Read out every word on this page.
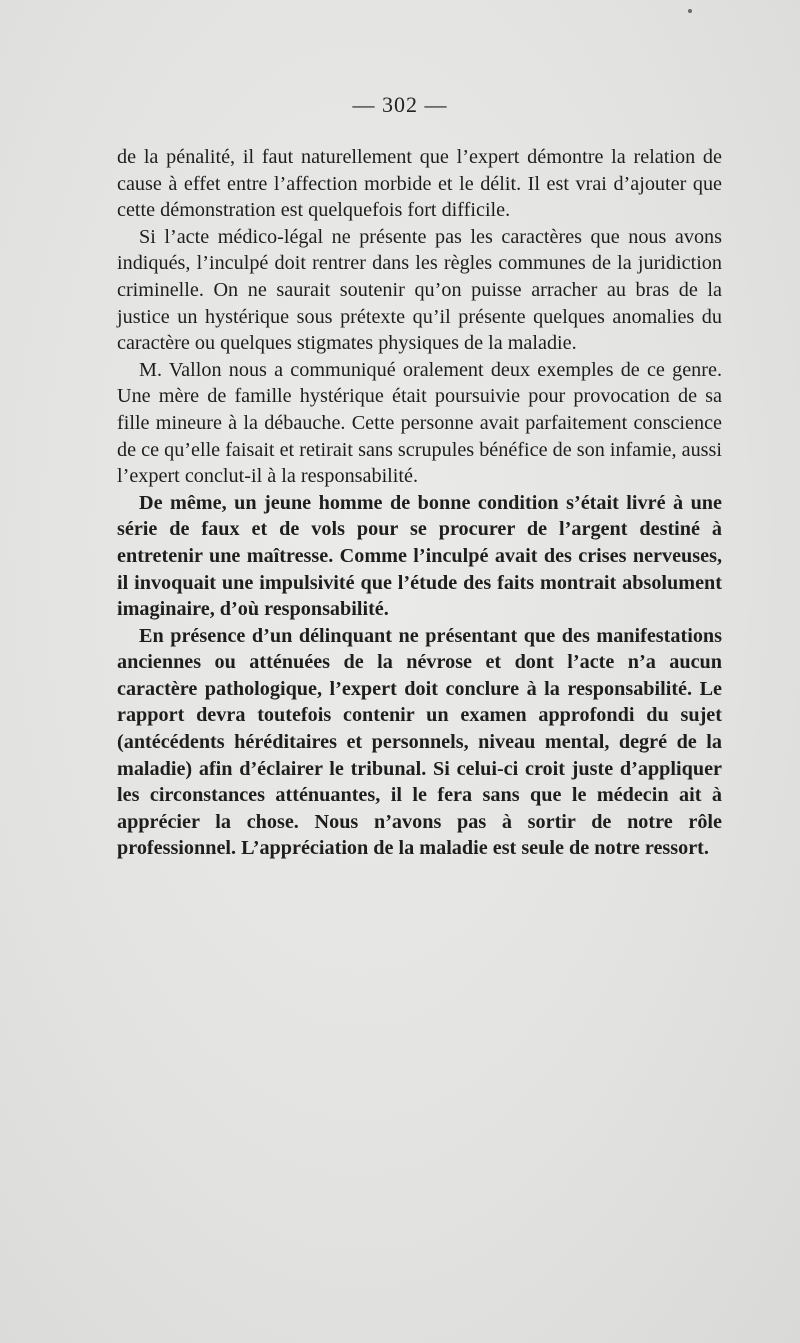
— 302 —

de la pénalité, il faut naturellement que l’expert démontre la relation de cause à effet entre l’affection morbide et le délit. Il est vrai d’ajouter que cette démonstration est quelquefois fort difficile.

Si l’acte médico-légal ne présente pas les caractères que nous avons indiqués, l’inculpé doit rentrer dans les règles communes de la juridiction criminelle. On ne saurait soutenir qu’on puisse arracher au bras de la justice un hystérique sous prétexte qu’il présente quelques anomalies du caractère ou quelques stigmates physiques de la maladie.

M. Vallon nous a communiqué oralement deux exemples de ce genre. Une mère de famille hystérique était poursuivie pour provocation de sa fille mineure à la débauche. Cette personne avait parfaitement conscience de ce qu’elle faisait et retirait sans scrupules bénéfice de son infamie, aussi l’expert conclut-il à la responsabilité.

De même, un jeune homme de bonne condition s’était livré à une série de faux et de vols pour se procurer de l’argent destiné à entretenir une maîtresse. Comme l’inculpé avait des crises nerveuses, il invoquait une impulsivité que l’étude des faits montrait absolument imaginaire, d’où responsabilité.

En présence d’un délinquant ne présentant que des manifestations anciennes ou atténuées de la névrose et dont l’acte n’a aucun caractère pathologique, l’expert doit conclure à la responsabilité. Le rapport devra toutefois contenir un examen approfondi du sujet (antécédents héréditaires et personnels, niveau mental, degré de la maladie) afin d’éclairer le tribunal. Si celui-ci croit juste d’appliquer les circonstances atténuantes, il le fera sans que le médecin ait à apprécier la chose. Nous n’avons pas à sortir de notre rôle professionnel. L’appréciation de la maladie est seule de notre ressort.
